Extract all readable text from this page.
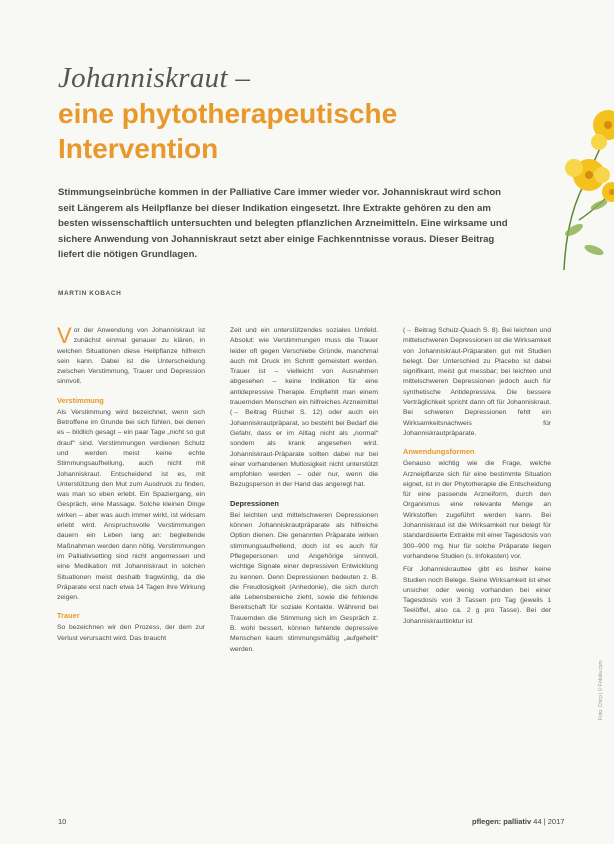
Johanniskraut –
eine phytotherapeutische
Intervention
Stimmungseinbrüche kommen in der Palliative Care immer wieder vor. Johanniskraut wird schon seit Längerem als Heilpflanze bei dieser Indikation eingesetzt. Ihre Extrakte gehören zu den am besten wissenschaftlich untersuchten und belegten pflanzlichen Arzneimitteln. Eine wirksame und sichere Anwendung von Johanniskraut setzt aber einige Fachkenntnisse voraus. Dieser Beitrag liefert die nötigen Grundlagen.
MARTIN KOBACH

Vor der Anwendung von Johanniskraut ist zunächst einmal genauer zu klären, in welchen Situationen diese Heilpflanze hilfreich sein kann. Dabei ist die Unterscheidung zwischen Verstimmung, Trauer und Depression sinnvoll.

Verstimmung

Als Verstimmung wird bezeichnet, wenn sich Betroffene im Grunde bei sich fühlen, bei denen es – bildlich gesagt – ein paar Tage „nicht so gut drauf“ sind. Verstimmungen verdienen Schutz und werden meist keine echte Stimmungsaufhellung, auch nicht mit Johanniskraut. Entscheidend ist es, mit Unterstützung den Mut zum Ausdruck zu finden, was man so eben erlebt. Ein Spaziergang, ein Gespräch, eine Massage. Solche kleinen Dinge wirken – aber was auch immer wirkt, ist wirksam erlebt wird. Anspruchsvolle Verstimmungen dauern ein Leben lang an: begleitende Maßnahmen werden dann nötig. Verstimmungen im Palliativsetting sind nicht angemessen und eine Medikation mit Johanniskraut in solchen Situationen meist deshalb fragwürdig, da die Präparate erst nach etwa 14 Tagen ihre Wirkung zeigen.

Trauer

So bezeichnen wir den Prozess, der dem zur Verlust verursacht wird. Das braucht

Zeit und ein unterstützendes soziales Umfeld. Absolut: wie Verstimmungen muss die Trauer leider oft gegen Verschiebe Gründe, manchmal auch mit Druck im Schritt gemeistert werden. Trauer ist – vielleicht von Ausnahmen abgesehen – keine Indikation für eine antidepressive Therapie. Empfiehlt man einem trauernden Menschen ein hilfreiches Arzneimittel (→ Beitrag Rüchel S. 12) oder auch ein Johanniskrautpräparat, so besteht bei Bedarf die Gefahr, dass er im Alltag nicht als „normal“ sondern als krank angesehen wird. Johanniskraut-Präparate sollten dabei nur bei einer vorhandenen Mutlosigkeit nicht unterstützt empfohlen werden – oder nur, wenn die Bezugsperson in der Hand das angeregt hat.

Depressionen

Bei leichten und mittelschweren Depressionen können Johanniskrautpräparate als hilfreiche Option dienen. Die genannten Präparate wirken stimmungsaufhellend, doch ist es auch für Pflegepersonen und Angehörige sinnvoll, wichtige Signale einer depressiven Entwicklung zu kennen. Denn Depressionen bedeuten z. B. die Freudlosigkeit (Anhedonie), die sich durch alle Lebensbereiche zieht, sowie die fehlende Bereitschaft für soziale Kontakte. Während bei Trauernden die Stimmung sich im Gespräch z. B. wohl bessert, können fehlende depressive Menschen kaum stimmungsmäßig „aufgehellt“ werden.

(→ Beitrag Schulz-Quach S. 8). Bei leichten und mittelschweren Depressionen ist die Wirksamkeit von Johanniskraut-Präparaten gut mit Studien belegt. Der Unterschied zu Placebo ist dabei signifikant, meist gut messbar; bei leichten und mittelschweren Depressionen jedoch auch für synthetische Antidepressiva. Die bessere Verträglichkeit spricht dann oft für Johanniskraut. Bei schweren Depressionen fehlt ein Wirksamkeitsnachweis für Johanniskrautpräparate.

Anwendungsformen

Genauso wichtig wie die Frage, welche Arzneipflanze sich für eine bestimmte Situation eignet, ist in der Phytotherapie die Entscheidung für eine passende Arzneiform, durch den Organismus eine relevante Menge an Wirkstoffen zugeführt werden kann. Bei Johanniskraut ist die Wirksamkeit nur belegt für standardisierte Extrakte mit einer Tagesdosis von 300–900 mg. Nur für solche Präparate liegen vorhandene Studien (s. Infokasten) vor.

Für Johanniskrauttee gibt es bisher keine Studien noch Belege. Seine Wirksamkeit ist eher unsicher oder wenig vorhanden bei einer Tagesdosis von 3 Tassen pro Tag (jeweils 1 Teelöffel, also ca. 2 g pro Tasse). Bei der Johanniskrauttinktur ist

Foto: Chirp | © Fotolia.com
10	pflegen: palliativ 44 | 2017
